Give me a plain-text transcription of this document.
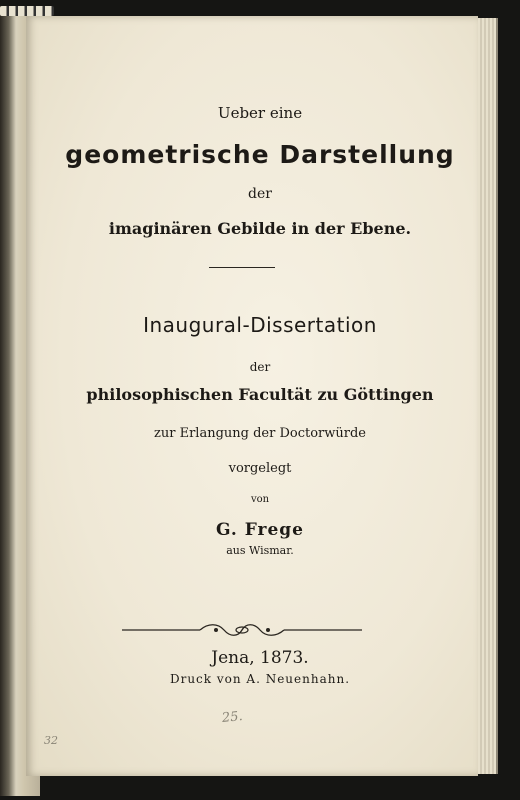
Ueber eine
geometrische Darstellung
der
imaginären Gebilde in der Ebene.
Inaugural-Dissertation
der
philosophischen Facultät zu Göttingen
zur Erlangung der Doctorwürde
vorgelegt
von
G. Frege
aus Wismar.
Jena, 1873.
Druck von A. Neuenhahn.
25.
32
